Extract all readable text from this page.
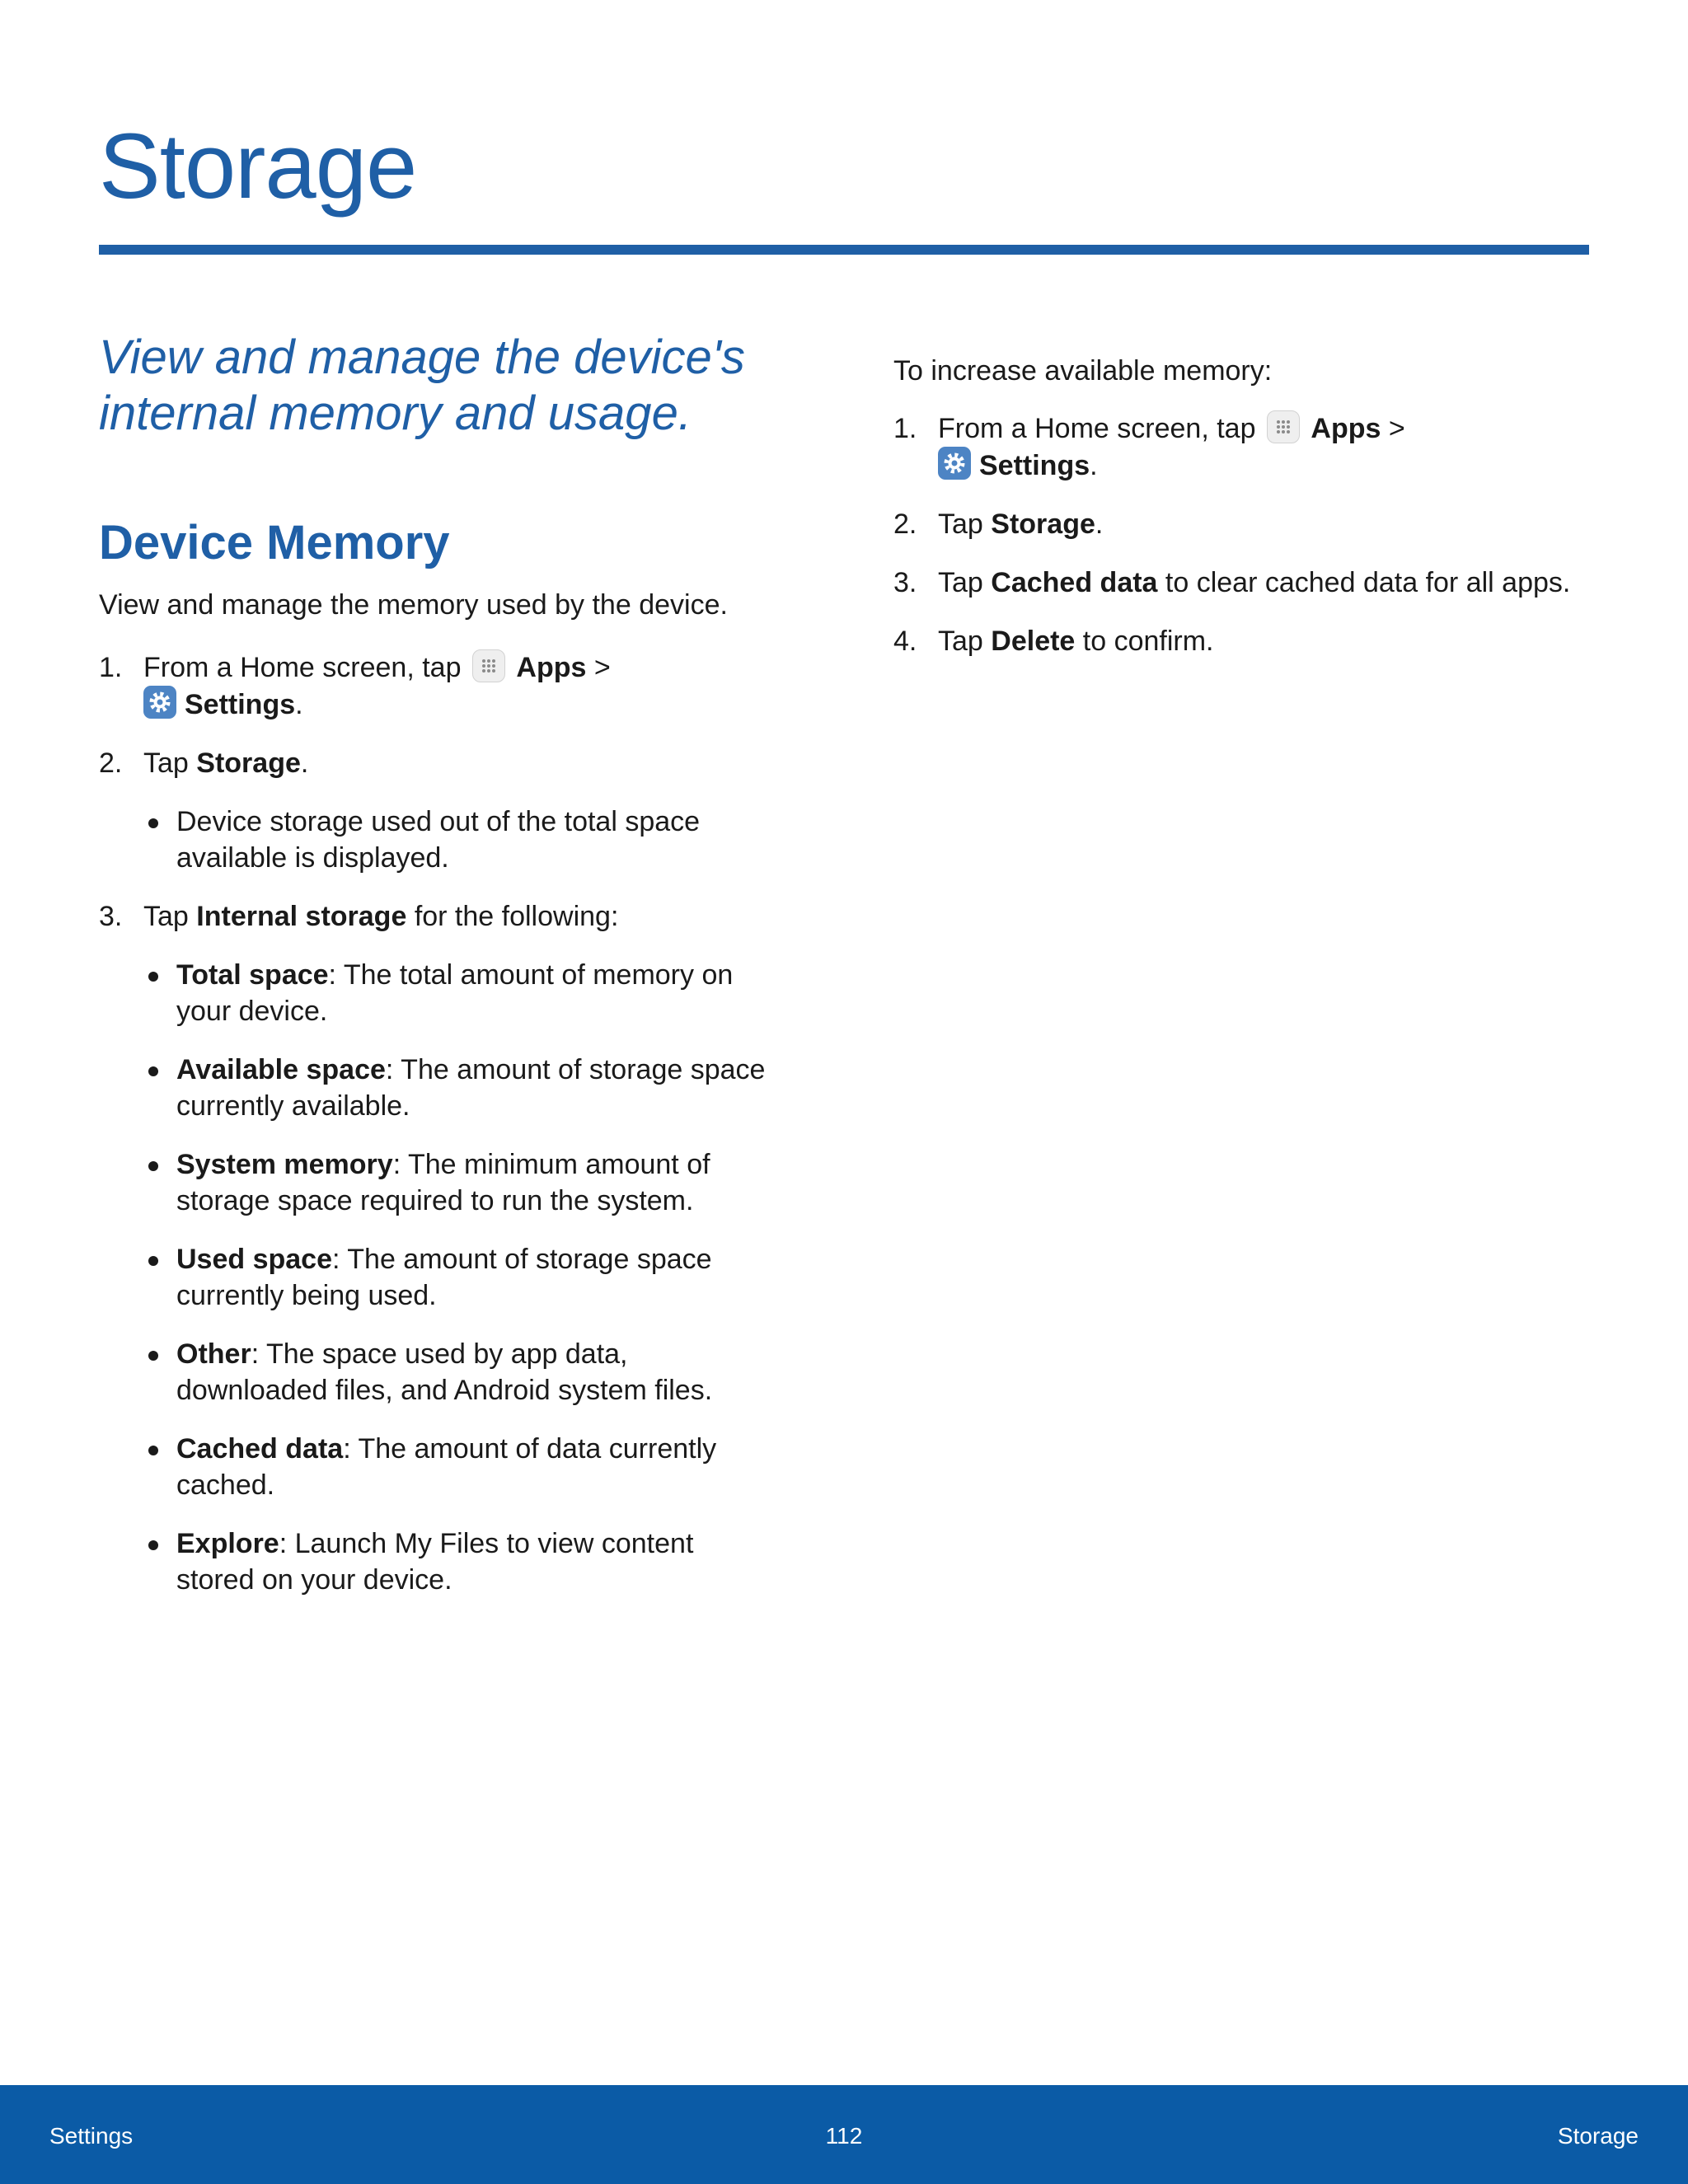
Storage

View and manage the device's internal memory and usage.

Device Memory

View and manage the memory used by the device.

1. From a Home screen, tap Apps >
Settings.
2. Tap Storage.
Device storage used out of the total space available is displayed.
3. Tap Internal storage for the following:
Total space: The total amount of memory on your device.
Available space: The amount of storage space currently available.
System memory: The minimum amount of storage space required to run the system.
Used space: The amount of storage space currently being used.
Other: The space used by app data, downloaded files, and Android system files.
Cached data: The amount of data currently cached.
Explore: Launch My Files to view content stored on your device.

To increase available memory:

1. From a Home screen, tap Apps >
Settings.
2. Tap Storage.
3. Tap Cached data to clear cached data for all apps.
4. Tap Delete to confirm.
Settings	112	Storage
